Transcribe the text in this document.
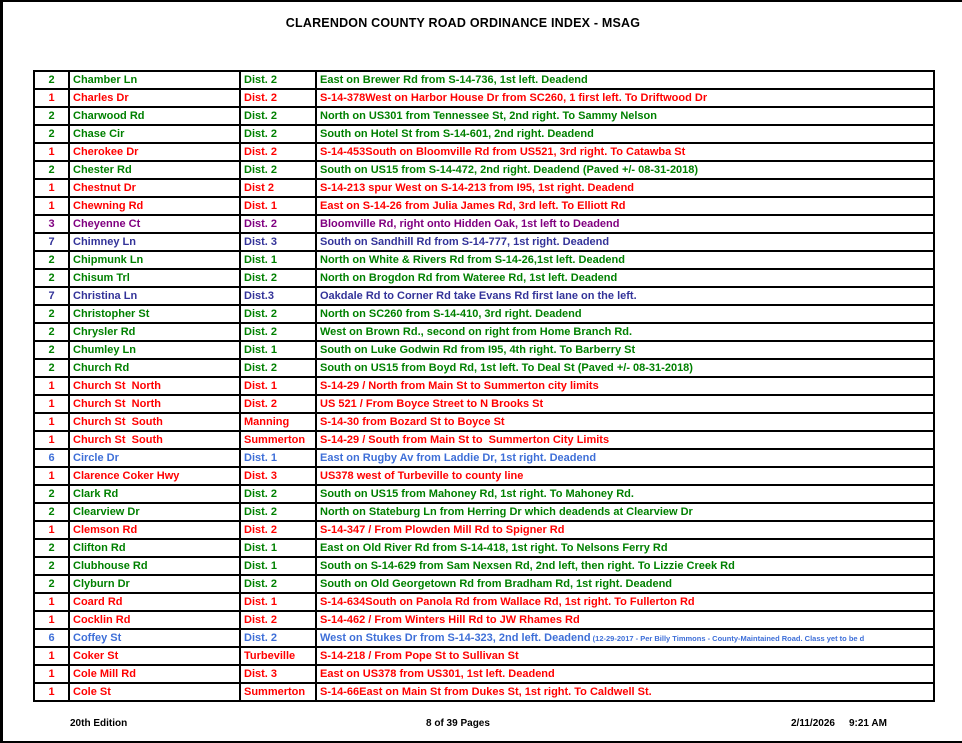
CLARENDON COUNTY ROAD ORDINANCE INDEX - MSAG
2	Chamber Ln	Dist. 2	East on Brewer Rd from S-14-736, 1st left. Deadend
1	Charles Dr	Dist. 2	S-14-378West on Harbor House Dr from SC260, 1 first left. To Driftwood Dr
2	Charwood Rd	Dist. 2	North on US301 from Tennessee St, 2nd right. To Sammy Nelson
2	Chase Cir	Dist. 2	South on Hotel St from S-14-601, 2nd right. Deadend
1	Cherokee Dr	Dist. 2	S-14-453South on Bloomville Rd from US521, 3rd right. To Catawba St
2	Chester Rd	Dist. 2	South on US15 from S-14-472, 2nd right. Deadend (Paved +/- 08-31-2018)
1	Chestnut Dr	Dist 2	S-14-213 spur West on S-14-213 from I95, 1st right. Deadend
1	Chewning Rd	Dist. 1	East on S-14-26 from Julia James Rd, 3rd left. To Elliott Rd
3	Cheyenne Ct	Dist. 2	Bloomville Rd, right onto Hidden Oak, 1st left to Deadend
7	Chimney Ln	Dist. 3	South on Sandhill Rd from S-14-777, 1st right. Deadend
2	Chipmunk Ln	Dist. 1	North on White & Rivers Rd from S-14-26,1st left. Deadend
2	Chisum Trl	Dist. 2	North on Brogdon Rd from Wateree Rd, 1st left. Deadend
7	Christina Ln	Dist.3	Oakdale Rd to Corner Rd take Evans Rd first lane on the left.
2	Christopher St	Dist. 2	North on SC260 from S-14-410, 3rd right. Deadend
2	Chrysler Rd	Dist. 2	West on Brown Rd., second on right from Home Branch Rd.
2	Chumley Ln	Dist. 1	South on Luke Godwin Rd from I95, 4th right. To Barberry St
2	Church Rd	Dist. 2	South on US15 from Boyd Rd, 1st left. To Deal St (Paved +/- 08-31-2018)
1	Church St  North	Dist. 1	S-14-29 / North from Main St to Summerton city limits
1	Church St  North	Dist. 2	US 521 / From Boyce Street to N Brooks St
1	Church St  South	Manning	S-14-30 from Bozard St to Boyce St
1	Church St  South	Summerton	S-14-29 / South from Main St to  Summerton City Limits
6	Circle Dr	Dist. 1	East on Rugby Av from Laddie Dr, 1st right. Deadend
1	Clarence Coker Hwy	Dist. 3	US378 west of Turbeville to county line
2	Clark Rd	Dist. 2	South on US15 from Mahoney Rd, 1st right. To Mahoney Rd.
2	Clearview Dr	Dist. 2	North on Stateburg Ln from Herring Dr which deadends at Clearview Dr
1	Clemson Rd	Dist. 2	S-14-347 / From Plowden Mill Rd to Spigner Rd
2	Clifton Rd	Dist. 1	East on Old River Rd from S-14-418, 1st right. To Nelsons Ferry Rd
2	Clubhouse Rd	Dist. 1	South on S-14-629 from Sam Nexsen Rd, 2nd left, then right. To Lizzie Creek Rd
2	Clyburn Dr	Dist. 2	South on Old Georgetown Rd from Bradham Rd, 1st right. Deadend
1	Coard Rd	Dist. 1	S-14-634South on Panola Rd from Wallace Rd, 1st right. To Fullerton Rd
1	Cocklin Rd	Dist. 2	S-14-462 / From Winters Hill Rd to JW Rhames Rd
6	Coffey St	Dist. 2	West on Stukes Dr from S-14-323, 2nd left. Deadend (12-29-2017 - Per Billy Timmons - County-Maintained Road. Class yet to be d
1	Coker St	Turbeville	S-14-218 / From Pope St to Sullivan St
1	Cole Mill Rd	Dist. 3	East on US378 from US301, 1st left. Deadend
1	Cole St	Summerton	S-14-66East on Main St from Dukes St, 1st right. To Caldwell St.
20th Edition	8 of 39 Pages	2/11/2026 9:21 AM
